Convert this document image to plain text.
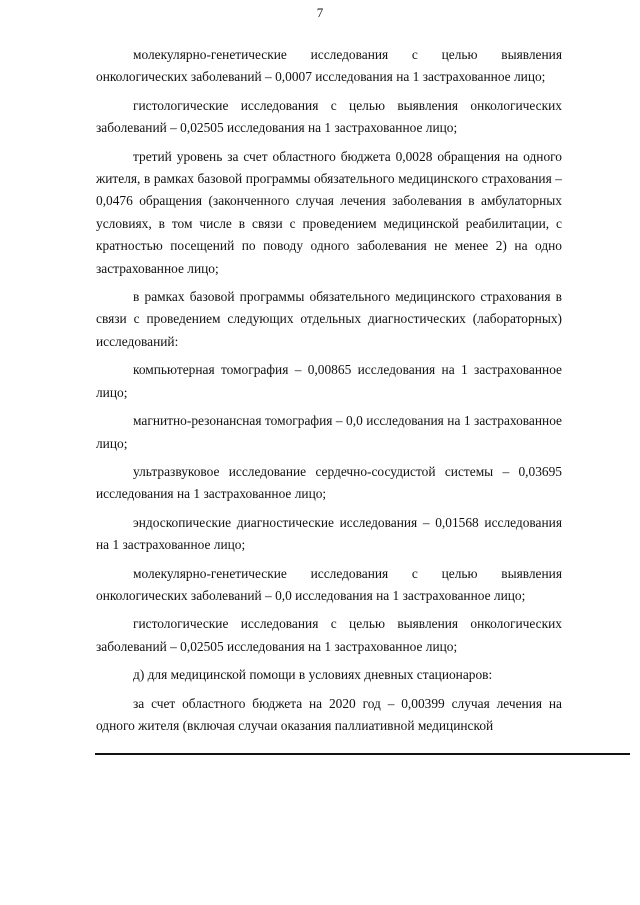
7

молекулярно-генетические исследования с целью выявления онкологических заболеваний – 0,0007 исследования на 1 застрахованное лицо;

гистологические исследования с целью выявления онкологических заболеваний – 0,02505 исследования на 1 застрахованное лицо;

третий уровень за счет областного бюджета 0,0028 обращения на одного жителя, в рамках базовой программы обязательного медицинского страхования – 0,0476 обращения (законченного случая лечения заболевания в амбулаторных условиях, в том числе в связи с проведением медицинской реабилитации, с кратностью посещений по поводу одного заболевания не менее 2) на одно застрахованное лицо;

в рамках базовой программы обязательного медицинского страхования в связи с проведением следующих отдельных диагностических (лабораторных) исследований:

компьютерная томография – 0,00865 исследования на 1 застрахованное лицо;

магнитно-резонансная томография – 0,0 исследования на 1 застрахованное лицо;

ультразвуковое исследование сердечно-сосудистой системы – 0,03695 исследования на 1 застрахованное лицо;

эндоскопические диагностические исследования – 0,01568 исследования на 1 застрахованное лицо;

молекулярно-генетические исследования с целью выявления онкологических заболеваний – 0,0 исследования на 1 застрахованное лицо;

гистологические исследования с целью выявления онкологических заболеваний – 0,02505 исследования на 1 застрахованное лицо;

д) для медицинской помощи в условиях дневных стационаров:

за счет областного бюджета на 2020 год – 0,00399 случая лечения на одного жителя (включая случаи оказания паллиативной медицинской
